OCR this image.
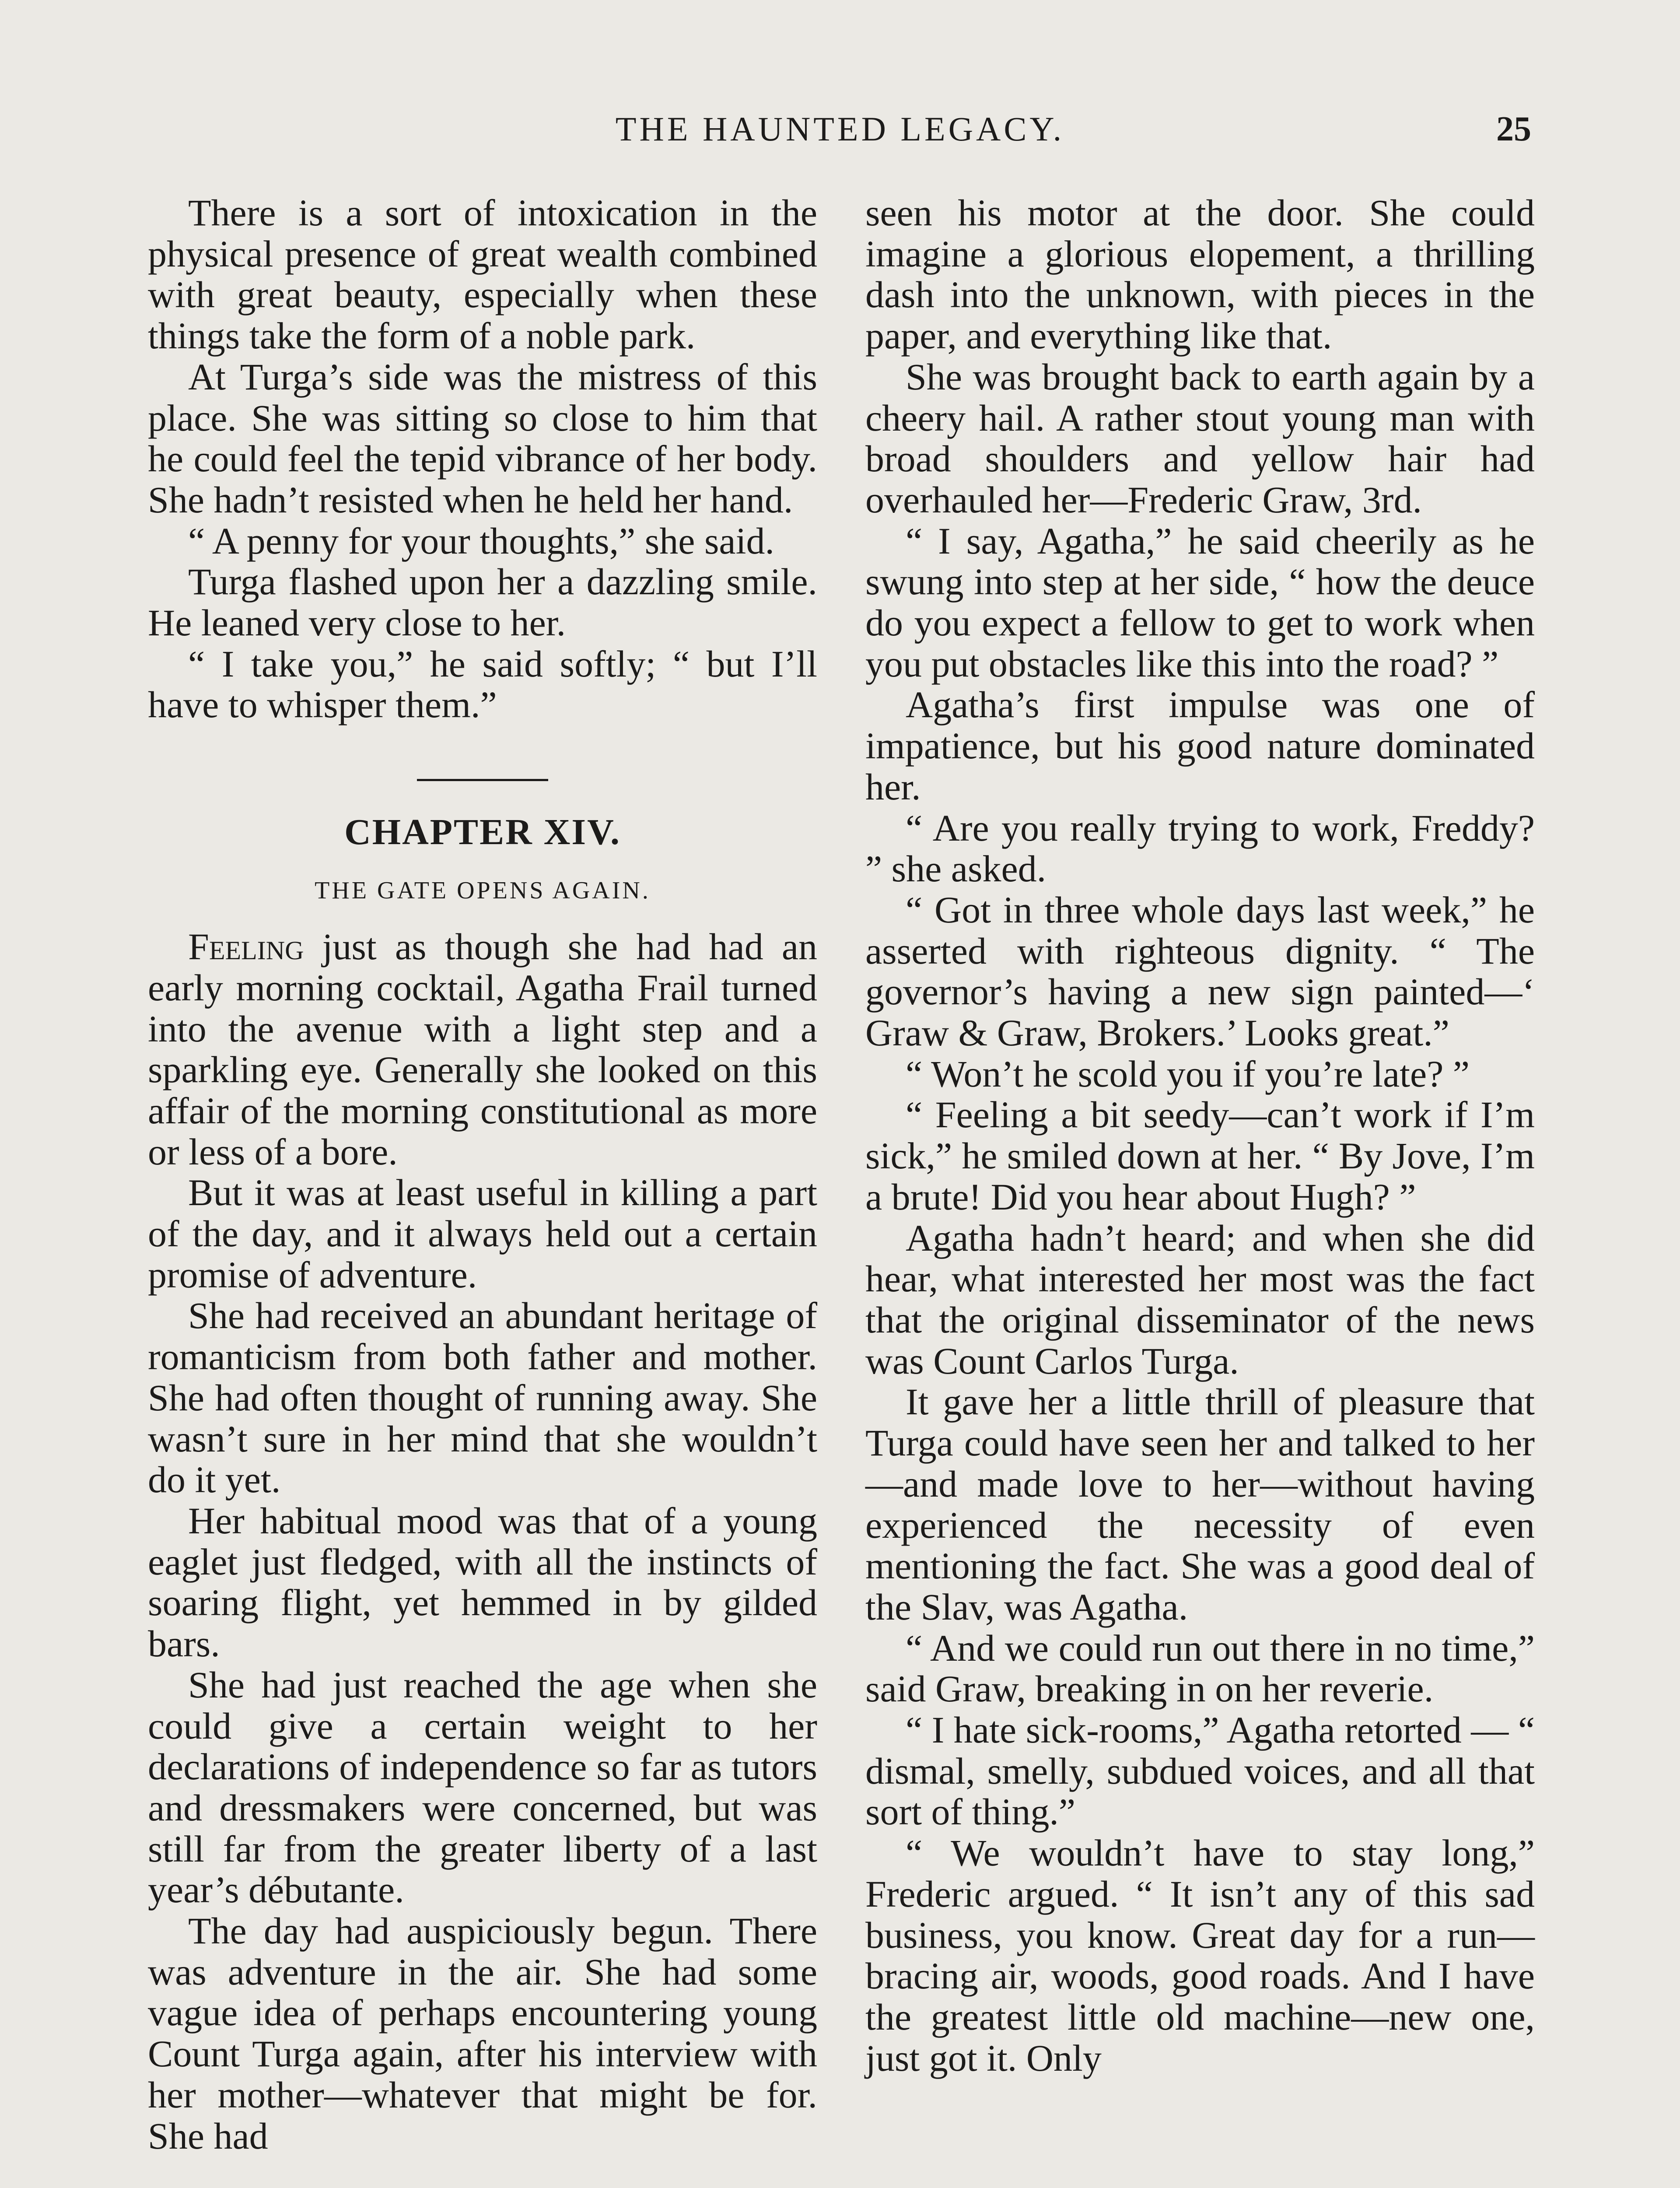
THE HAUNTED LEGACY.	25

There is a sort of intoxication in the physical presence of great wealth combined with great beauty, especially when these things take the form of a noble park.

At Turga’s side was the mistress of this place. She was sitting so close to him that he could feel the tepid vibrance of her body. She hadn’t resisted when he held her hand.

“ A penny for your thoughts,” she said.

Turga flashed upon her a dazzling smile. He leaned very close to her.

“ I take you,” he said softly; “ but I’ll have to whisper them.”

CHAPTER XIV.
THE GATE OPENS AGAIN.

Feeling just as though she had had an early morning cocktail, Agatha Frail turned into the avenue with a light step and a sparkling eye. Generally she looked on this affair of the morning constitutional as more or less of a bore.

But it was at least useful in killing a part of the day, and it always held out a certain promise of adventure.

She had received an abundant heritage of romanticism from both father and mother. She had often thought of running away. She wasn’t sure in her mind that she wouldn’t do it yet.

Her habitual mood was that of a young eaglet just fledged, with all the instincts of soaring flight, yet hemmed in by gilded bars.

She had just reached the age when she could give a certain weight to her declarations of independence so far as tutors and dressmakers were concerned, but was still far from the greater liberty of a last year’s débutante.

The day had auspiciously begun. There was adventure in the air. She had some vague idea of perhaps encountering young Count Turga again, after his interview with her mother—whatever that might be for. She had

seen his motor at the door. She could imagine a glorious elopement, a thrilling dash into the unknown, with pieces in the paper, and everything like that.

She was brought back to earth again by a cheery hail. A rather stout young man with broad shoulders and yellow hair had overhauled her—Frederic Graw, 3rd.

“ I say, Agatha,” he said cheerily as he swung into step at her side, “ how the deuce do you expect a fellow to get to work when you put obstacles like this into the road? ”

Agatha’s first impulse was one of impatience, but his good nature dominated her.

“ Are you really trying to work, Freddy? ” she asked.

“ Got in three whole days last week,” he asserted with righteous dignity. “ The governor’s having a new sign painted—‘ Graw & Graw, Brokers.’ Looks great.”

“ Won’t he scold you if you’re late? ”

“ Feeling a bit seedy—can’t work if I’m sick,” he smiled down at her. “ By Jove, I’m a brute! Did you hear about Hugh? ”

Agatha hadn’t heard; and when she did hear, what interested her most was the fact that the original disseminator of the news was Count Carlos Turga.

It gave her a little thrill of pleasure that Turga could have seen her and talked to her—and made love to her—without having experienced the necessity of even mentioning the fact. She was a good deal of the Slav, was Agatha.

“ And we could run out there in no time,” said Graw, breaking in on her reverie.

“ I hate sick-rooms,” Agatha retorted — “ dismal, smelly, subdued voices, and all that sort of thing.”

“ We wouldn’t have to stay long,” Frederic argued. “ It isn’t any of this sad business, you know. Great day for a run—bracing air, woods, good roads. And I have the greatest little old machine—new one, just got it. Only
